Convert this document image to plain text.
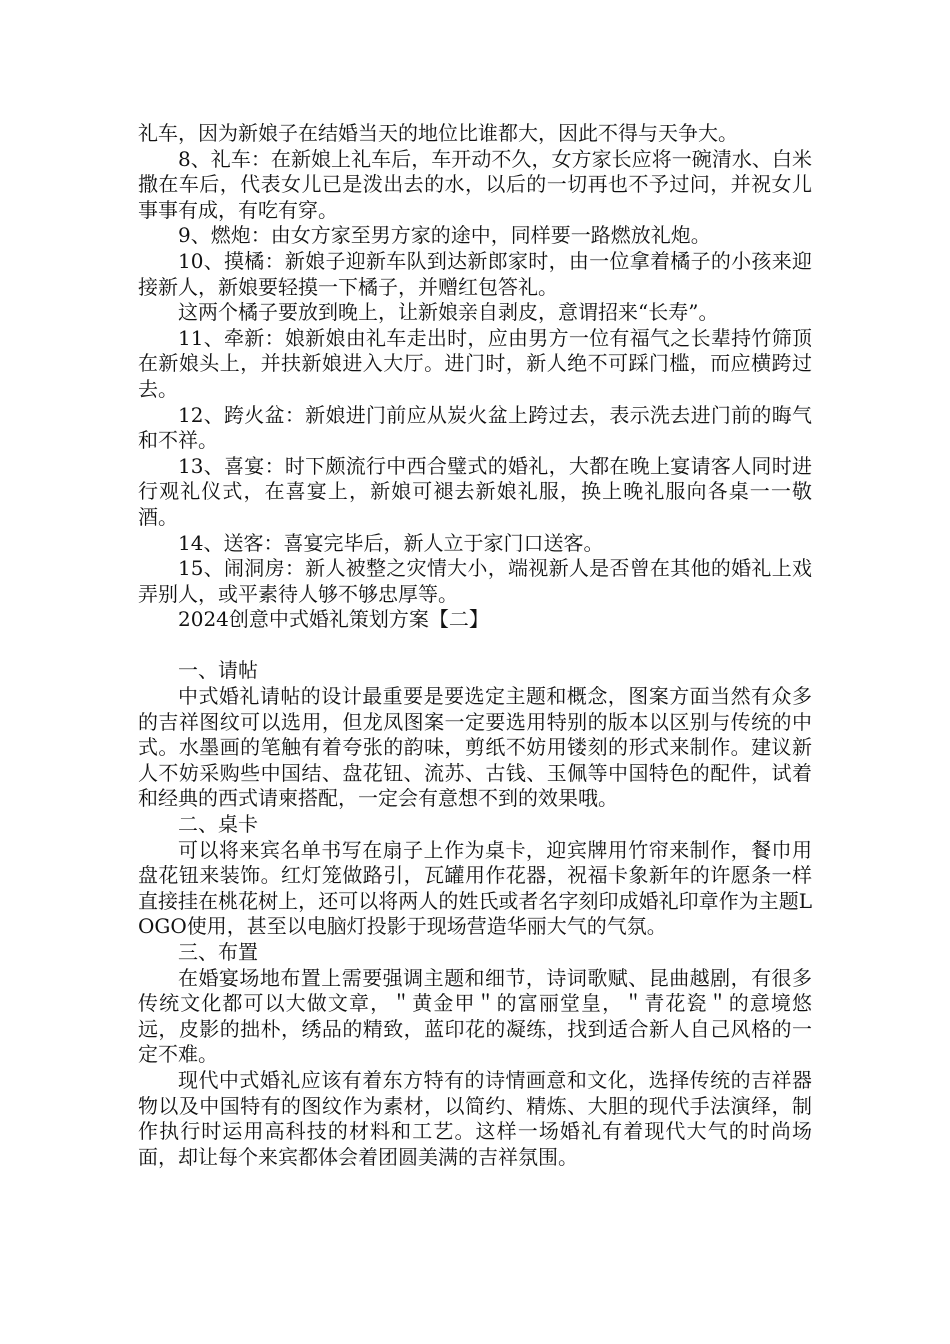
礼车，因为新娘子在结婚当天的地位比谁都大，因此不得与天争大。

8、礼车：在新娘上礼车后，车开动不久，女方家长应将一碗清水、白米撒在车后，代表女儿已是泼出去的水，以后的一切再也不予过问，并祝女儿事事有成，有吃有穿。

9、燃炮：由女方家至男方家的途中，同样要一路燃放礼炮。

10、摸橘：新娘子迎新车队到达新郎家时，由一位拿着橘子的小孩来迎接新人，新娘要轻摸一下橘子，并赠红包答礼。

这两个橘子要放到晚上，让新娘亲自剥皮，意谓招来“长寿”。

11、牵新：娘新娘由礼车走出时，应由男方一位有福气之长辈持竹筛顶在新娘头上，并扶新娘进入大厅。进门时，新人绝不可踩门槛，而应横跨过去。

12、跨火盆：新娘进门前应从炭火盆上跨过去，表示洗去进门前的晦气和不祥。

13、喜宴：时下颇流行中西合璧式的婚礼，大都在晚上宴请客人同时进行观礼仪式，在喜宴上，新娘可褪去新娘礼服，换上晚礼服向各桌一一敬酒。

14、送客：喜宴完毕后，新人立于家门口送客。

15、闹洞房：新人被整之灾情大小，端视新人是否曾在其他的婚礼上戏弄别人，或平素待人够不够忠厚等。

2024创意中式婚礼策划方案【二】

一、请帖

中式婚礼请帖的设计最重要是要选定主题和概念，图案方面当然有众多的吉祥图纹可以选用，但龙凤图案一定要选用特别的版本以区别与传统的中式。水墨画的笔触有着夸张的韵味，剪纸不妨用镂刻的形式来制作。建议新人不妨采购些中国结、盘花钮、流苏、古钱、玉佩等中国特色的配件，试着和经典的西式请柬搭配，一定会有意想不到的效果哦。

二、桌卡

可以将来宾名单书写在扇子上作为桌卡，迎宾牌用竹帘来制作，餐巾用盘花钮来装饰。红灯笼做路引，瓦罐用作花器，祝福卡象新年的许愿条一样直接挂在桃花树上，还可以将两人的姓氏或者名字刻印成婚礼印章作为主题LOGO使用，甚至以电脑灯投影于现场营造华丽大气的气氛。

三、布置

在婚宴场地布置上需要强调主题和细节，诗词歌赋、昆曲越剧，有很多传统文化都可以大做文章，＂黄金甲＂的富丽堂皇，＂青花瓷＂的意境悠远，皮影的拙朴，绣品的精致，蓝印花的凝练，找到适合新人自己风格的一定不难。

现代中式婚礼应该有着东方特有的诗情画意和文化，选择传统的吉祥器物以及中国特有的图纹作为素材，以简约、精炼、大胆的现代手法演绎，制作执行时运用高科技的材料和工艺。这样一场婚礼有着现代大气的时尚场面，却让每个来宾都体会着团圆美满的吉祥氛围。
